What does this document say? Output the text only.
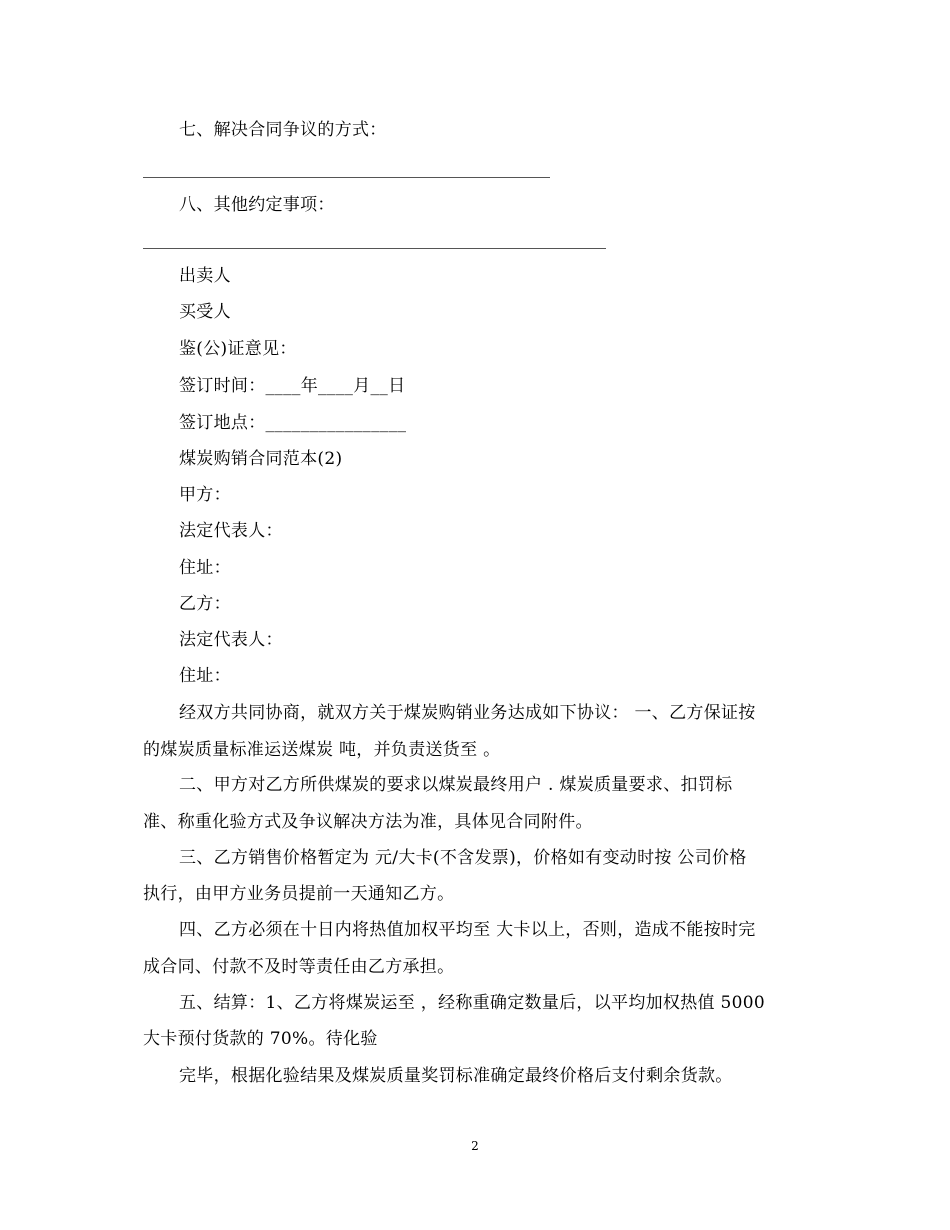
七、解决合同争议的方式：
八、其他约定事项：
出卖人
买受人
鉴(公)证意见：
签订时间：____年____月__日
签订地点：________________
煤炭购销合同范本(2)
甲方：
法定代表人：
住址：
乙方：
法定代表人：
住址：
经双方共同协商，就双方关于煤炭购销业务达成如下协议： 一、乙方保证按
的煤炭质量标准运送煤炭 吨，并负责送货至 。
二、甲方对乙方所供煤炭的要求以煤炭最终用户 . 煤炭质量要求、扣罚标
准、称重化验方式及争议解决方法为准，具体见合同附件。
三、乙方销售价格暂定为 元/大卡(不含发票)，价格如有变动时按 公司价格
执行，由甲方业务员提前一天通知乙方。
四、乙方必须在十日内将热值加权平均至 大卡以上，否则，造成不能按时完
成合同、付款不及时等责任由乙方承担。
五、结算：1、乙方将煤炭运至 ，经称重确定数量后，以平均加权热值 5000
大卡预付货款的 70%。待化验
完毕，根据化验结果及煤炭质量奖罚标准确定最终价格后支付剩余货款。
2
